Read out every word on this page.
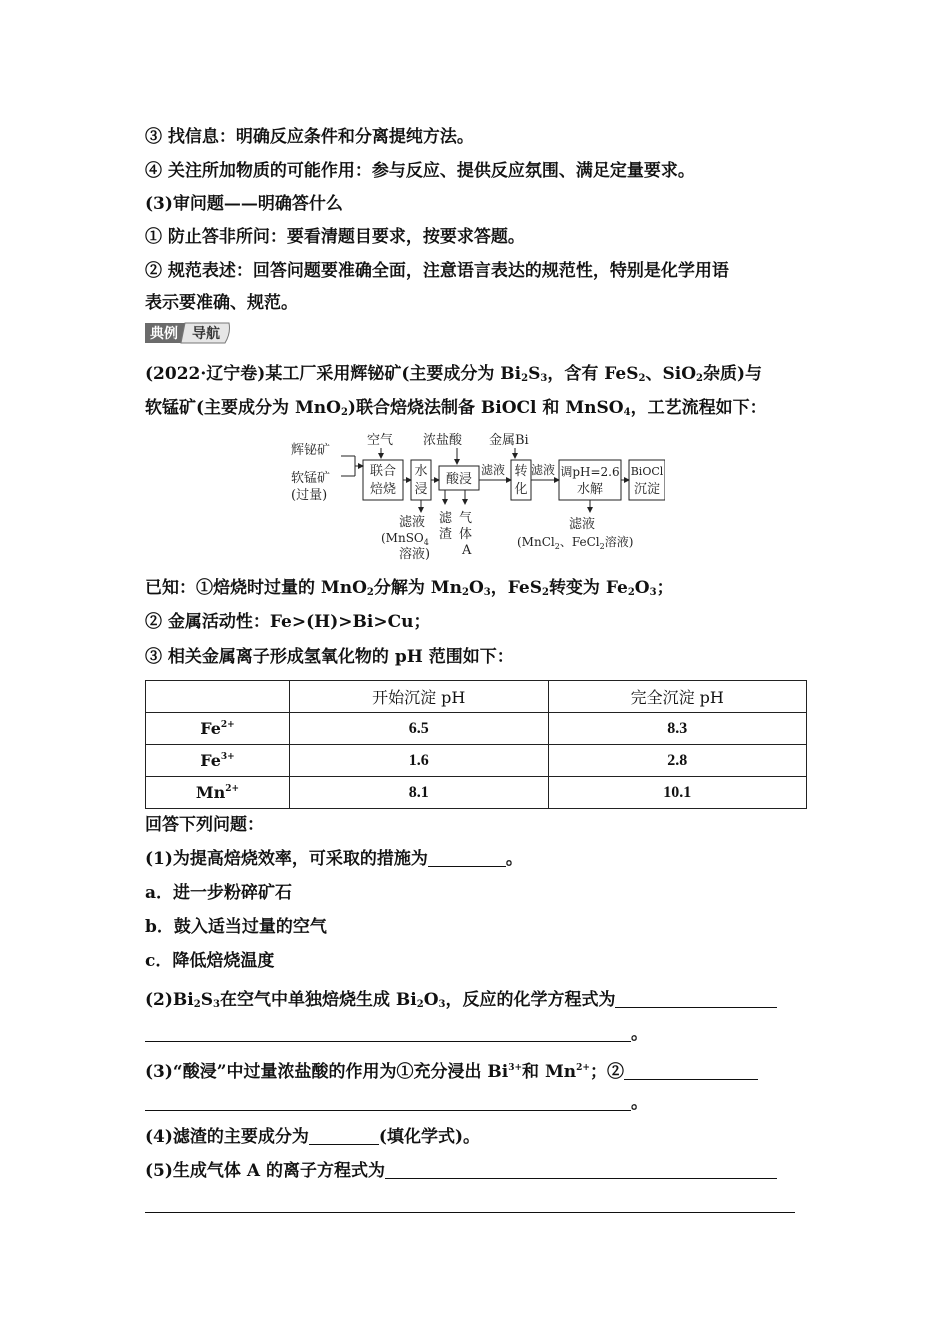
③ 找信息：明确反应条件和分离提纯方法。
④ 关注所加物质的可能作用：参与反应、提供反应氛围、满足定量要求。
(3)审问题——明确答什么
① 防止答非所问：要看清题目要求，按要求答题。
② 规范表述：回答问题要准确全面，注意语言表达的规范性，特别是化学用语
表示要准确、规范。
典例 导航
(2022·辽宁卷)某工厂采用辉铋矿(主要成分为 $Bi_2S_3$，含有 FeS$_2$、SiO$_2$杂质)与
软锰矿(主要成分为 MnO$_2$)联合焙烧法制备 BiOCl 和 MnSO$_4$，工艺流程如下：
辉铋矿
软锰矿
(过量)
空气
联合
焙烧
水
浸
浓盐酸
酸浸
滤液
金属Bi
转
化
滤液 调pH=2.6
水解
BiOCl
沉淀
滤液
(MnSO$_4$
溶液)
滤
渣
气
体
A
滤液
(MnCl$_2$、FeCl$_2$溶液)
已知：①焙烧时过量的 MnO$_2$分解为 $Mn_2O_3$，FeS$_2$转变为 $Fe_2O_3$；
② 金属活动性：Fe>(H)>Bi>Cu；
③ 相关金属离子形成氢氧化物的 pH 范围如下：
	开始沉淀 pH	完全沉淀 pH
$Fe^{2+}$	6.5	8.3
$Fe^{3+}$	1.6	2.8
$Mn^{2+}$	8.1	10.1
回答下列问题：
(1)为提高焙烧效率，可采取的措施为	。
a．进一步粉碎矿石
b．鼓入适当过量的空气
c．降低焙烧温度
$(2)Bi_2S_3$在空气中单独焙烧生成 $Bi_2O_3$，反应的化学方程式为
。
(3)“酸浸”中过量浓盐酸的作用为①充分浸出 $Bi^{3+}$和 $Mn^{2+}$；②
。
(4)滤渣的主要成分为	(填化学式)。
(5)生成气体 A 的离子方程式为
